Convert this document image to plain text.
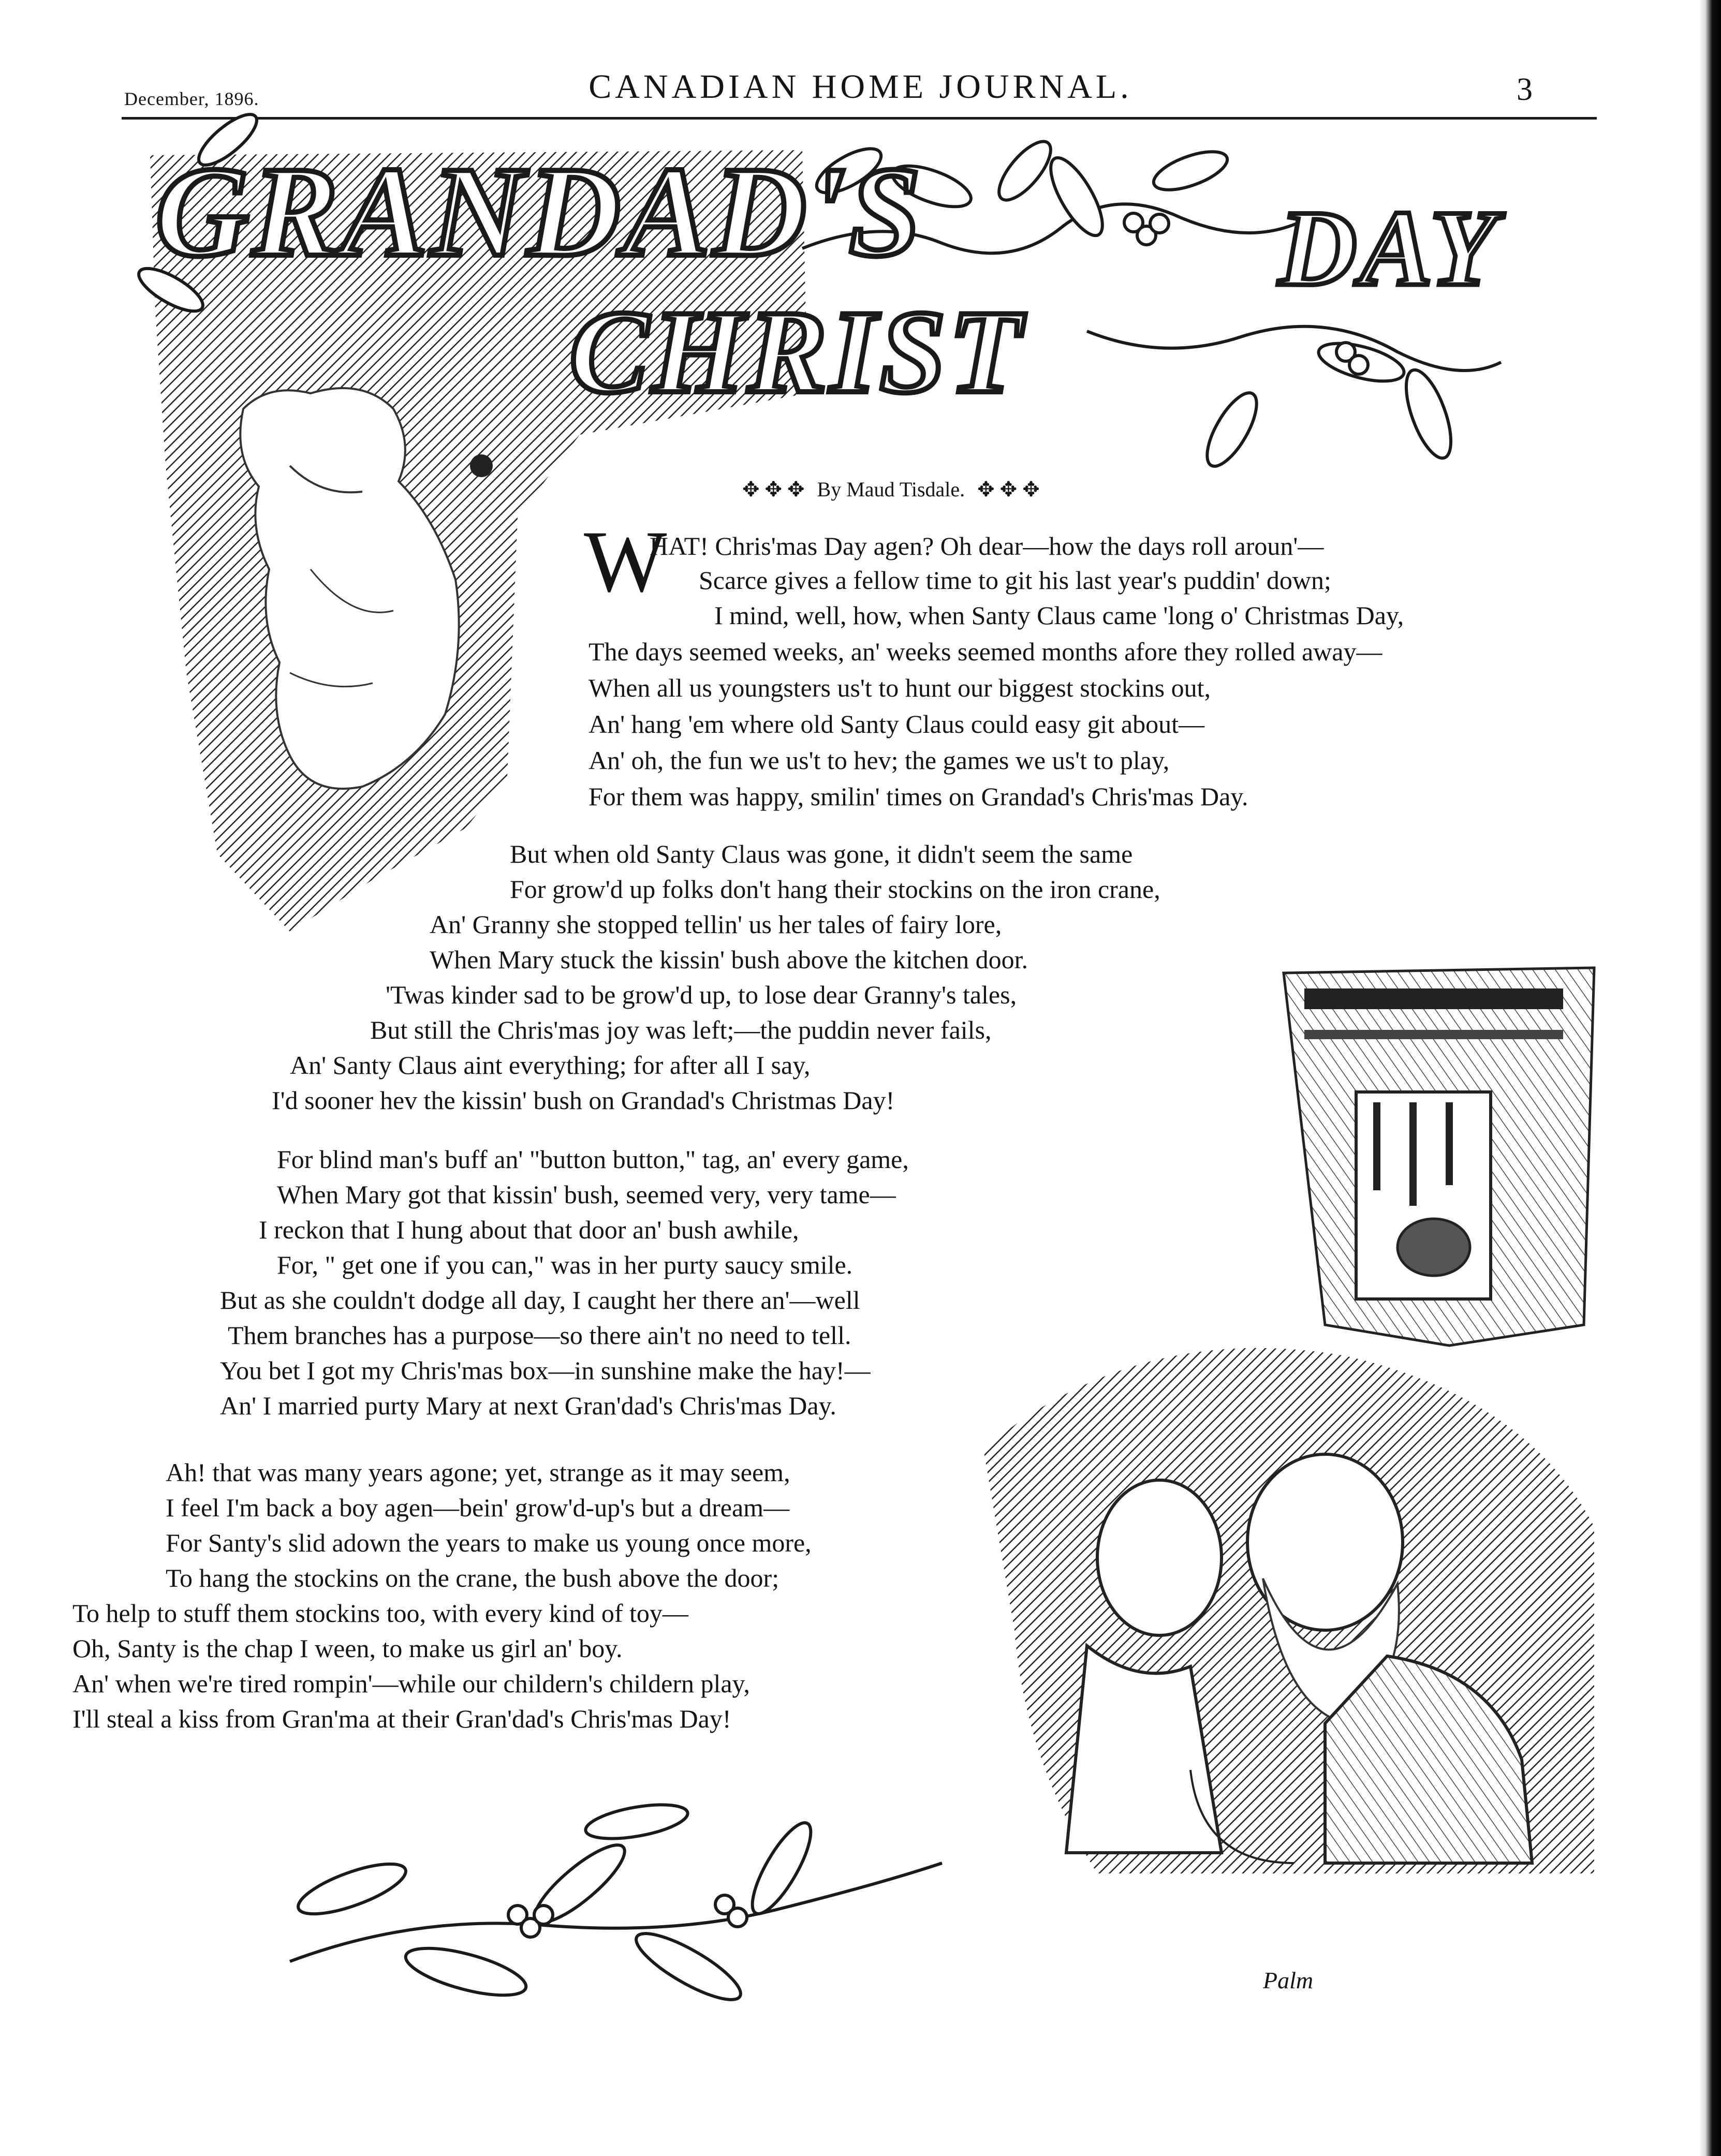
December, 1896.	CANADIAN HOME JOURNAL.	3
GRANDAD'S
CHRIST
DAY
✥ ✥ ✥ By Maud Tisdale. ✥ ✥ ✥
W
HAT! Chris'mas Day agen? Oh dear—how the days roll aroun'—
Scarce gives a fellow time to git his last year's puddin' down;
I mind, well, how, when Santy Claus came 'long o' Christmas Day,
The days seemed weeks, an' weeks seemed months afore they rolled away—
When all us youngsters us't to hunt our biggest stockins out,
An' hang 'em where old Santy Claus could easy git about—
An' oh, the fun we us't to hev; the games we us't to play,
For them was happy, smilin' times on Grandad's Chris'mas Day.
But when old Santy Claus was gone, it didn't seem the same
For grow'd up folks don't hang their stockins on the iron crane,
An' Granny she stopped tellin' us her tales of fairy lore,
When Mary stuck the kissin' bush above the kitchen door.
'Twas kinder sad to be grow'd up, to lose dear Granny's tales,
But still the Chris'mas joy was left;—the puddin never fails,
An' Santy Claus aint everything; for after all I say,
I'd sooner hev the kissin' bush on Grandad's Christmas Day!
For blind man's buff an' "button button," tag, an' every game,
When Mary got that kissin' bush, seemed very, very tame—
I reckon that I hung about that door an' bush awhile,
For, " get one if you can," was in her purty saucy smile.
But as she couldn't dodge all day, I caught her there an'—well
Them branches has a purpose—so there ain't no need to tell.
You bet I got my Chris'mas box—in sunshine make the hay!—
An' I married purty Mary at next Gran'dad's Chris'mas Day.
Ah! that was many years agone; yet, strange as it may seem,
I feel I'm back a boy agen—bein' grow'd-up's but a dream—
For Santy's slid adown the years to make us young once more,
To hang the stockins on the crane, the bush above the door;
To help to stuff them stockins too, with every kind of toy—
Oh, Santy is the chap I ween, to make us girl an' boy.
An' when we're tired rompin'—while our childern's childern play,
I'll steal a kiss from Gran'ma at their Gran'dad's Chris'mas Day!
Palm
